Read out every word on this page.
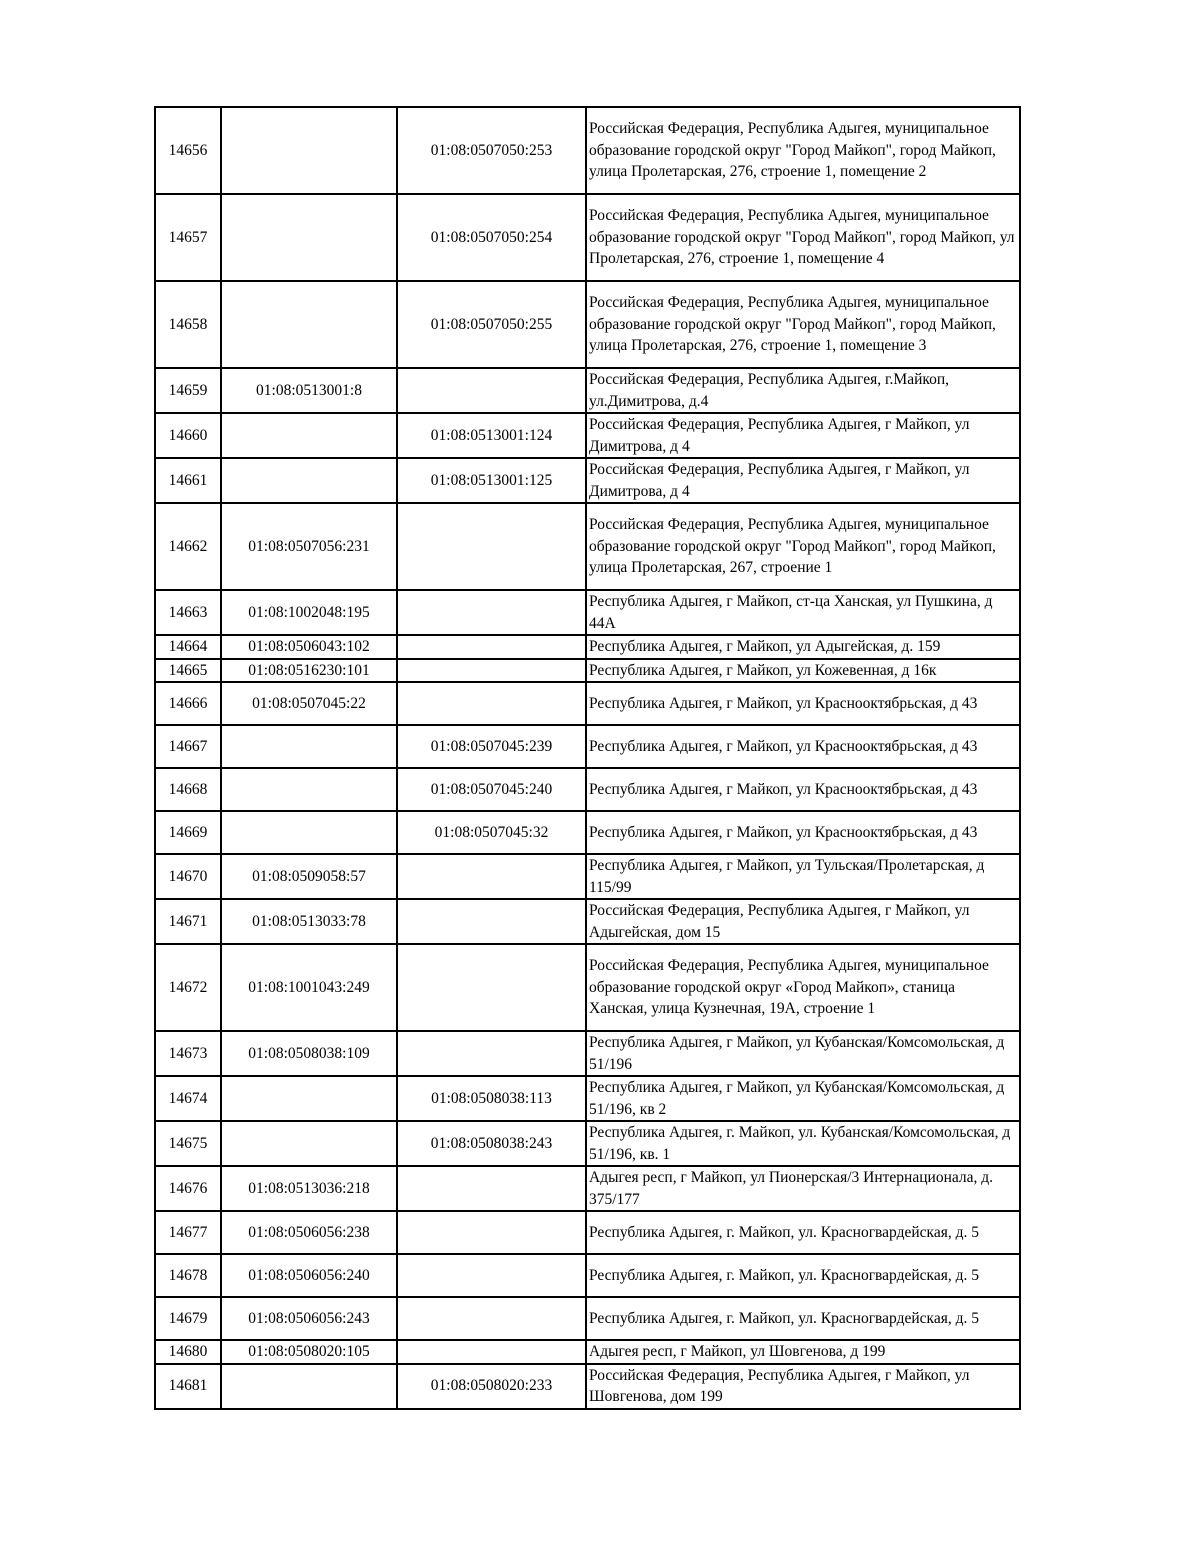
14656		01:08:0507050:253	Российская Федерация, Республика Адыгея, муниципальное образование городской округ "Город Майкоп", город Майкоп, улица Пролетарская, 276, строение 1, помещение 2
14657		01:08:0507050:254	Российская Федерация, Республика Адыгея, муниципальное образование городской округ "Город Майкоп", город Майкоп, ул Пролетарская, 276, строение 1, помещение 4
14658		01:08:0507050:255	Российская Федерация, Республика Адыгея, муниципальное образование городской округ "Город Майкоп", город Майкоп, улица Пролетарская, 276, строение 1, помещение 3
14659	01:08:0513001:8		Российская Федерация, Республика Адыгея, г.Майкоп, ул.Димитрова, д.4
14660		01:08:0513001:124	Российская Федерация, Республика Адыгея, г Майкоп, ул Димитрова, д 4
14661		01:08:0513001:125	Российская Федерация, Республика Адыгея, г Майкоп, ул Димитрова, д 4
14662	01:08:0507056:231		Российская Федерация, Республика Адыгея, муниципальное образование городской округ "Город Майкоп", город Майкоп, улица Пролетарская, 267, строение 1
14663	01:08:1002048:195		Республика Адыгея, г Майкоп, ст-ца Ханская, ул Пушкина, д 44А
14664	01:08:0506043:102		Республика Адыгея, г Майкоп, ул Адыгейская, д. 159
14665	01:08:0516230:101		Республика Адыгея, г Майкоп, ул Кожевенная, д 16к
14666	01:08:0507045:22		Республика Адыгея, г Майкоп, ул Краснооктябрьская, д 43
14667		01:08:0507045:239	Республика Адыгея, г Майкоп, ул Краснооктябрьская, д 43
14668		01:08:0507045:240	Республика Адыгея, г Майкоп, ул Краснооктябрьская, д 43
14669		01:08:0507045:32	Республика Адыгея, г Майкоп, ул Краснооктябрьская, д 43
14670	01:08:0509058:57		Республика Адыгея, г Майкоп, ул Тульская/Пролетарская, д 115/99
14671	01:08:0513033:78		Российская Федерация, Республика Адыгея, г Майкоп, ул Адыгейская, дом 15
14672	01:08:1001043:249		Российская Федерация, Республика Адыгея, муниципальное образование городской округ «Город Майкоп», станица Ханская, улица Кузнечная, 19А, строение 1
14673	01:08:0508038:109		Республика Адыгея, г Майкоп, ул Кубанская/Комсомольская, д 51/196
14674		01:08:0508038:113	Республика Адыгея, г Майкоп, ул Кубанская/Комсомольская, д 51/196, кв 2
14675		01:08:0508038:243	Республика Адыгея, г. Майкоп, ул. Кубанская/Комсомольская, д 51/196, кв. 1
14676	01:08:0513036:218		Адыгея респ, г Майкоп, ул Пионерская/3 Интернационала, д. 375/177
14677	01:08:0506056:238		Республика Адыгея, г. Майкоп, ул. Красногвардейская, д. 5
14678	01:08:0506056:240		Республика Адыгея, г. Майкоп, ул. Красногвардейская, д. 5
14679	01:08:0506056:243		Республика Адыгея, г. Майкоп, ул. Красногвардейская, д. 5
14680	01:08:0508020:105		Адыгея респ, г Майкоп, ул Шовгенова, д 199
14681		01:08:0508020:233	Российская Федерация, Республика Адыгея, г Майкоп, ул Шовгенова, дом 199
